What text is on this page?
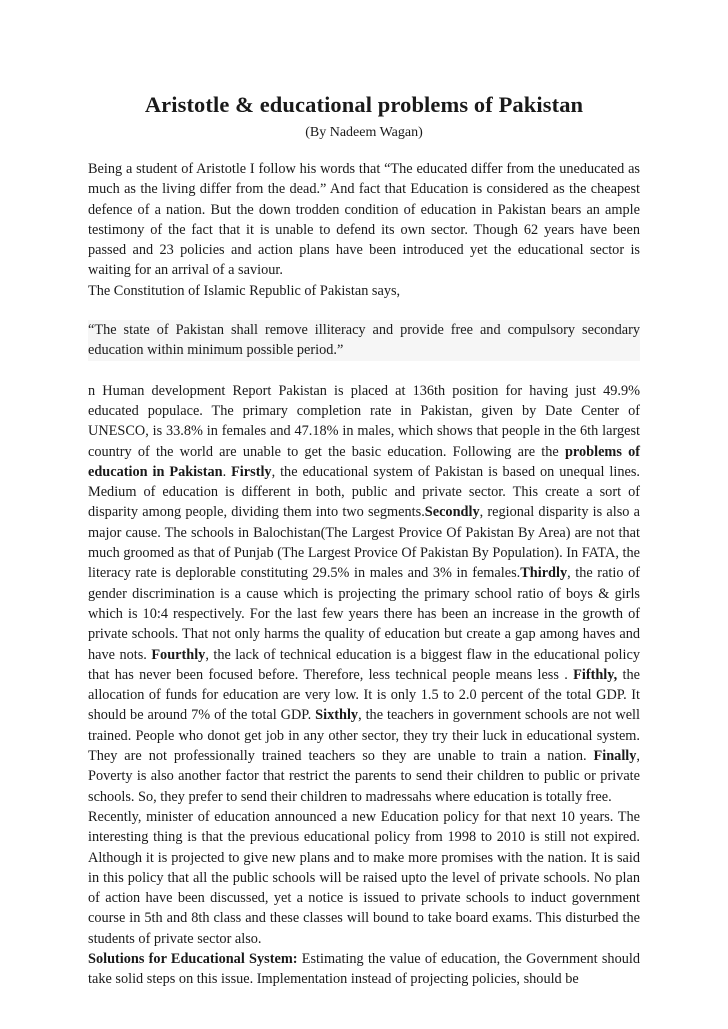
Aristotle & educational problems of Pakistan
(By Nadeem Wagan)

Being a student of Aristotle I follow his words that “The educated differ from the uneducated as much as the living differ from the dead.” And fact that Education is considered as the cheapest defence of a nation. But the down trodden condition of education in Pakistan bears an ample testimony of the fact that it is unable to defend its own sector. Though 62 years have been passed and 23 policies and action plans have been introduced yet the educational sector is waiting for an arrival of a saviour.
The Constitution of Islamic Republic of Pakistan says,

“The state of Pakistan shall remove illiteracy and provide free and compulsory secondary education within minimum possible period.”

n Human development Report Pakistan is placed at 136th position for having just 49.9% educated populace. The primary completion rate in Pakistan, given by Date Center of UNESCO, is 33.8% in females and 47.18% in males, which shows that people in the 6th largest country of the world are unable to get the basic education. Following are the problems of education in Pakistan. Firstly, the educational system of Pakistan is based on unequal lines. Medium of education is different in both, public and private sector. This create a sort of disparity among people, dividing them into two segments.Secondly, regional disparity is also a major cause. The schools in Balochistan(The Largest Provice Of Pakistan By Area) are not that much groomed as that of Punjab (The Largest Provice Of Pakistan By Population). In FATA, the literacy rate is deplorable constituting 29.5% in males and 3% in females.Thirdly, the ratio of gender discrimination is a cause which is projecting the primary school ratio of boys & girls which is 10:4 respectively. For the last few years there has been an increase in the growth of private schools. That not only harms the quality of education but create a gap among haves and have nots. Fourthly, the lack of technical education is a biggest flaw in the educational policy that has never been focused before. Therefore, less technical people means less . Fifthly, the allocation of funds for education are very low. It is only 1.5 to 2.0 percent of the total GDP. It should be around 7% of the total GDP. Sixthly, the teachers in government schools are not well trained. People who donot get job in any other sector, they try their luck in educational system. They are not professionally trained teachers so they are unable to train a nation. Finally, Poverty is also another factor that restrict the parents to send their children to public or private schools. So, they prefer to send their children to madressahs where education is totally free.
Recently, minister of education announced a new Education policy for that next 10 years. The interesting thing is that the previous educational policy from 1998 to 2010 is still not expired. Although it is projected to give new plans and to make more promises with the nation. It is said in this policy that all the public schools will be raised upto the level of private schools. No plan of action have been discussed, yet a notice is issued to private schools to induct government course in 5th and 8th class and these classes will bound to take board exams. This disturbed the students of private sector also.
Solutions for Educational System: Estimating the value of education, the Government should take solid steps on this issue. Implementation instead of projecting policies, should be
